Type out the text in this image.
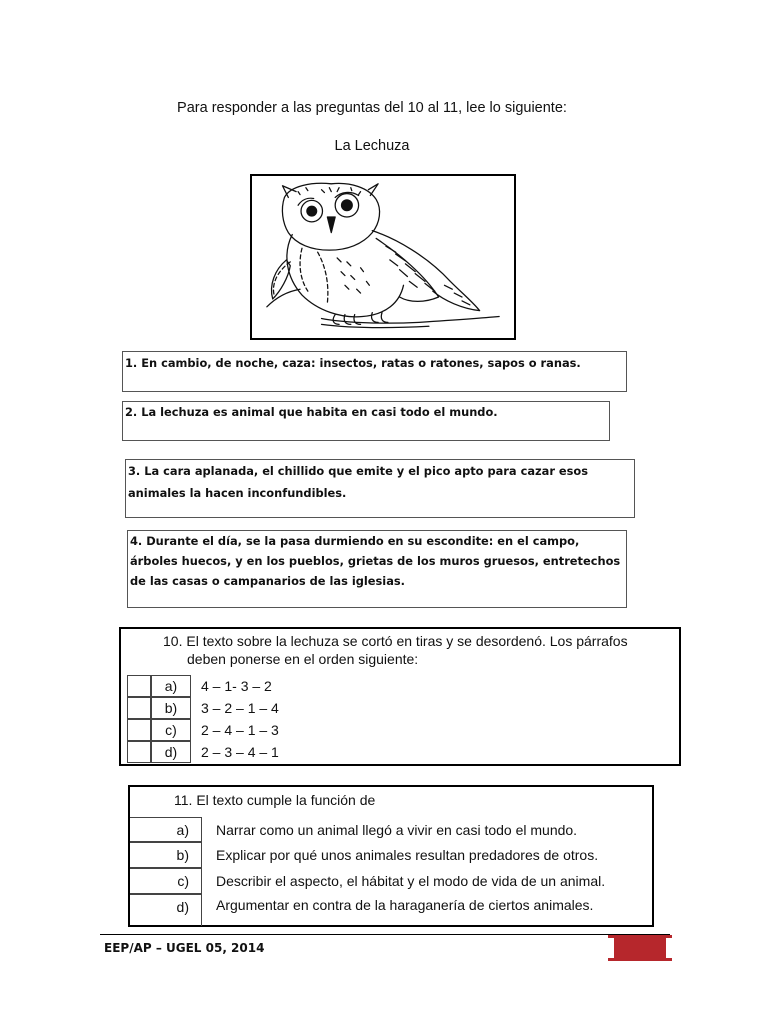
Para responder a las preguntas del 10 al 11, lee lo siguiente:
La Lechuza
1. En cambio, de noche, caza: insectos, ratas o ratones, sapos o ranas.
2. La lechuza es animal que habita en casi todo el mundo.
3. La cara aplanada, el chillido que emite y el pico apto para cazar esos animales la hacen inconfundibles.
4. Durante el día, se la pasa durmiendo en su escondite: en el campo, árboles huecos, y en los pueblos, grietas de los muros gruesos, entretechos de las casas o campanarios de las iglesias.
10. El texto sobre la lechuza se cortó en tiras y se desordenó. Los párrafos
deben ponerse en el orden siguiente:
a)	4 – 1- 3 – 2
b)	3 – 2 – 1 – 4
c)	2 – 4 – 1 – 3
d)	2 – 3 – 4 – 1
11. El texto cumple la función de
a)	Narrar como un animal llegó a vivir en casi todo el mundo.
b)	Explicar por qué unos animales resultan predadores de otros.
c)	Describir el aspecto, el hábitat y el modo de vida de un animal.
d)	Argumentar en contra de la haraganería de ciertos animales.
EEP/AP – UGEL 05, 2014
